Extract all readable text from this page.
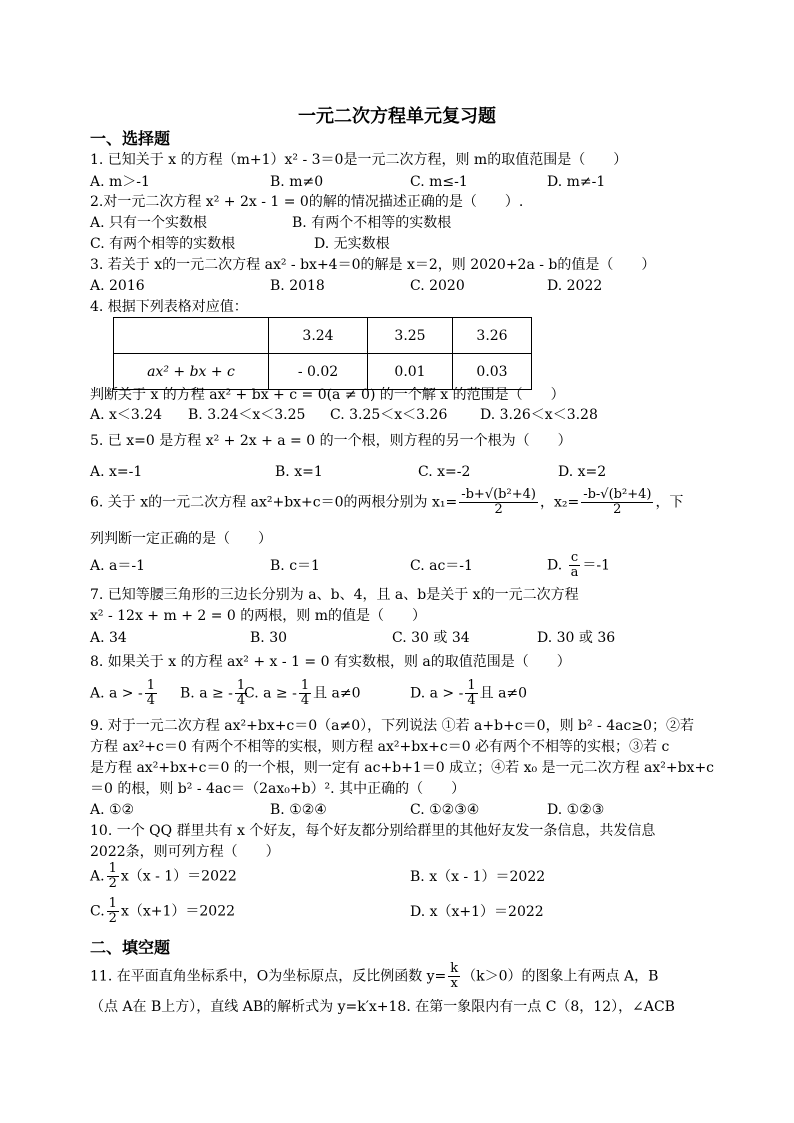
一元二次方程单元复习题
一、选择题
1. 已知关于 x 的方程（m+1）x² - 3＝0是一元二次方程，则 m的取值范围是（　　）
A. m＞-1	B. m≠0	C. m≤-1	D. m≠-1
2.对一元二次方程 x² + 2x - 1 = 0的解的情况描述正确的是（　　）.
A. 只有一个实数根	B. 有两个不相等的实数根
C. 有两个相等的实数根	D. 无实数根
3. 若关于 x的一元二次方程 ax² - bx+4＝0的解是 x＝2，则 2020+2a - b的值是（　　）
A. 2016	B. 2018	C. 2020	D. 2022
4. 根据下列表格对应值：
	3.24	3.25	3.26
ax² + bx + c	- 0.02	0.01	0.03
判断关于 x 的方程 ax² + bx + c = 0(a ≠ 0) 的一个解 x 的范围是（　　）
A. x＜3.24 B. 3.24＜x＜3.25 C. 3.25＜x＜3.26 D. 3.26＜x＜3.28
5. 已 x=0 是方程 x² + 2x + a = 0 的一个根，则方程的另一个根为（　　）
A. x=-1	B. x=1	C. x=-2	D. x=2
6. 关于 x的一元二次方程 ax²+bx+c＝0的两根分别为 $x_1= \frac{\text{-b+√(b²+4)}}{2}$ ，$x_2= \frac{\text{-b-√(b²+4)}}{2}$ ，下
列判断一定正确的是（　　）
A. a＝-1	B. c＝1	C. ac＝-1	D. $\frac{c}{a} =-1$
7. 已知等腰三角形的三边长分别为 a、b、4，且 a、b是关于 x的一元二次方程
x² - 12x + m + 2 = 0 的两根，则 m的值是（　　）
A. 34	B. 30	C. 30 或 34	D. 30 或 36
8. 如果关于 x 的方程 ax² + x - 1 = 0 有实数根，则 a的取值范围是（　　）
A. a > - $\frac{1}{4} B$. a ≥ - $\frac{1}{4}$
C. a ≥ - $\frac{1}{4}$ 且 a≠0	D. a > - $\frac{1}{4}$ 且 a≠0
9. 对于一元二次方程 ax²+bx+c＝0（a≠0），下列说法 ①若 a+b+c＝0，则 b² - 4ac≥0；②若
方程 ax²+c＝0 有两个不相等的实根，则方程 ax²+bx+c＝0 必有两个不相等的实根；③若 c
是方程 ax²+bx+c＝0 的一个根，则一定有 ac+b+1＝0 成立；④若 x₀ 是一元二次方程 ax²+bx+c
＝0 的根，则 b² - 4ac＝（2ax₀+b）². 其中正确的（　　）
A. ①②	B. ①②④	C. ①②③④	D. ①②③
10. 一个 QQ 群里共有 x 个好友，每个好友都分别给群里的其他好友发一条信息，共发信息
2022条，则可列方程（　　）
A. $\frac{1}{2} x(x - 1)=2022$	B. x（x - 1）＝2022
C. $\frac{1}{2} x(x+1)=2022$	D. x（x+1）＝2022
二、填空题
11. 在平面直角坐标系中，O为坐标原点，反比例函数 $y= \frac{k}{x} (k>0)$的图象上有两点 A，B
（点 A在 B上方），直线 AB的解析式为 y=k′x+18. 在第一象限内有一点 C（8，12），∠ACB
